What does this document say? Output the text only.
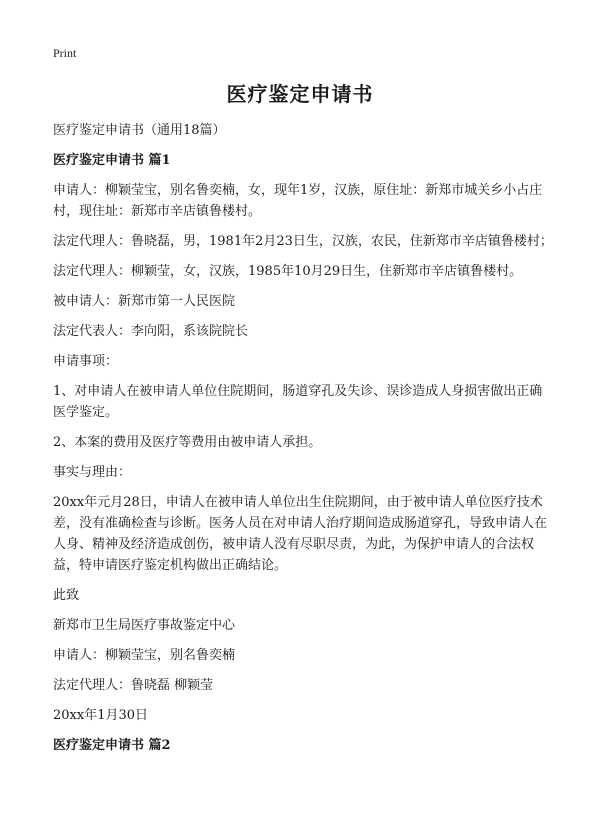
Print
医疗鉴定申请书

医疗鉴定申请书（通用18篇）

医疗鉴定申请书 篇1

申请人：柳颖莹宝，别名鲁奕楠，女，现年1岁，汉族，原住址：新郑市城关乡小占庄村，现住址：新郑市辛店镇鲁楼村。

法定代理人：鲁晓磊，男，1981年2月23日生，汉族，农民，住新郑市辛店镇鲁楼村；

法定代理人：柳颖莹，女，汉族，1985年10月29日生，住新郑市辛店镇鲁楼村。

被申请人：新郑市第一人民医院

法定代表人：李向阳，系该院院长

申请事项：

1、对申请人在被申请人单位住院期间，肠道穿孔及失诊、误诊造成人身损害做出正确医学鉴定。

2、本案的费用及医疗等费用由被申请人承担。

事实与理由：

20xx年元月28日，申请人在被申请人单位出生住院期间，由于被申请人单位医疗技术差，没有准确检查与诊断。医务人员在对申请人治疗期间造成肠道穿孔，导致申请人在人身、精神及经济造成创伤，被申请人没有尽职尽责，为此，为保护申请人的合法权益，特申请医疗鉴定机构做出正确结论。

此致

新郑市卫生局医疗事故鉴定中心

申请人：柳颖莹宝，别名鲁奕楠

法定代理人：鲁晓磊 柳颖莹

20xx年1月30日

医疗鉴定申请书 篇2
